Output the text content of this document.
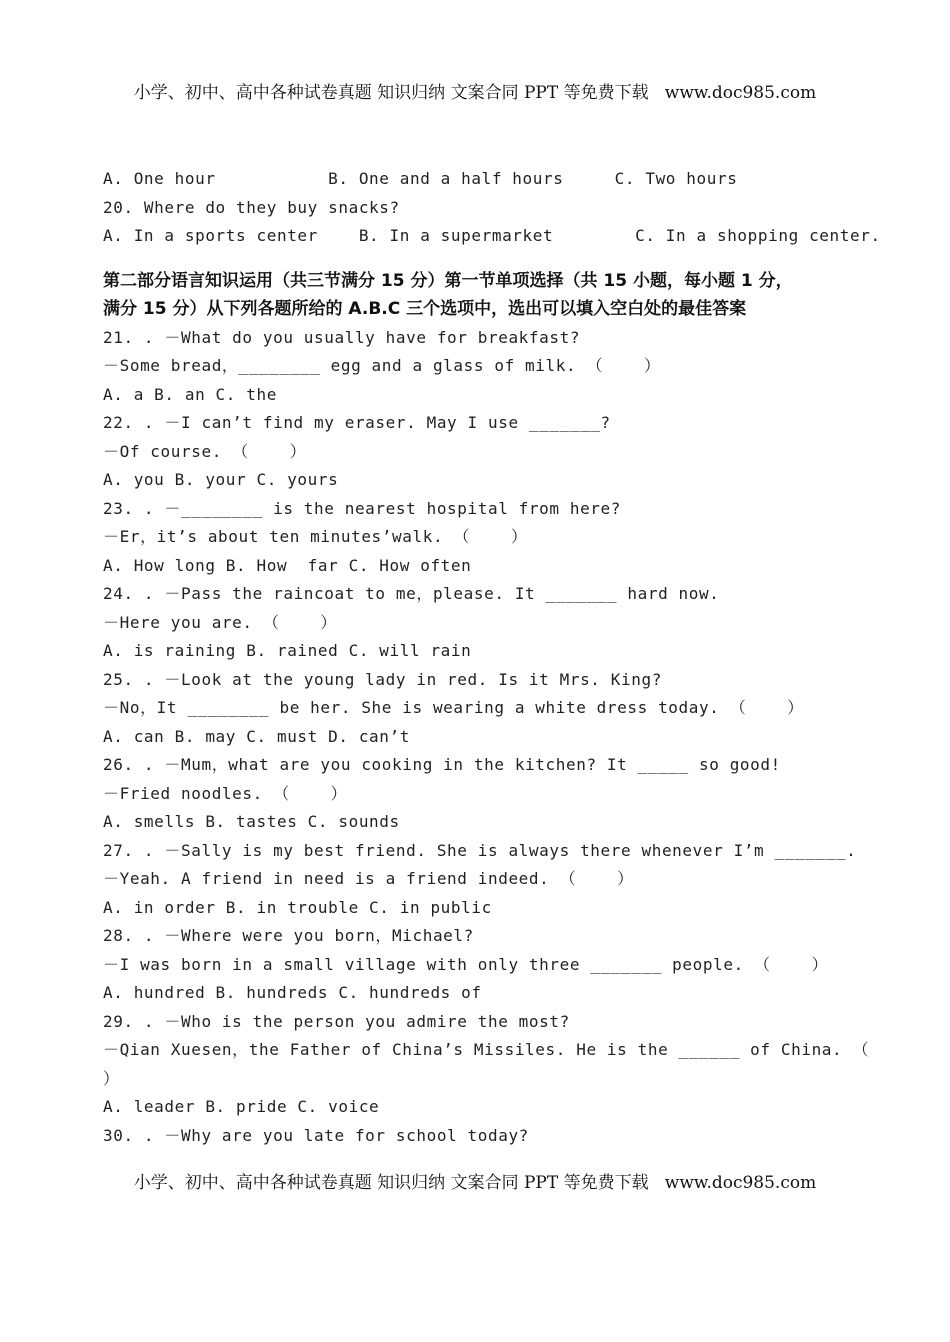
小学、初中、高中各种试卷真题 知识归纳 文案合同 PPT 等免费下载   www.doc985.com
A. One hour           B. One and a half hours     C. Two hours
20. Where do they buy snacks?
A. In a sports center    B. In a supermarket        C. In a shopping center.
第二部分语言知识运用（共三节满分 15 分）第一节单项选择（共 15 小题，每小题 1 分，
满分 15 分）从下列各题所给的 A.B.C 三个选项中，选出可以填入空白处的最佳答案
21. . －What do you usually have for breakfast?
－Some bread，________ egg and a glass of milk. （    ）
A. a B. an C. the
22. . －I can’t find my eraser. May I use _______?
－Of course. （    ）
A. you B. your C. yours
23. . －________ is the nearest hospital from here?
－Er，it’s about ten minutes’walk. （    ）
A. How long B. How  far C. How often
24. . －Pass the raincoat to me，please. It _______ hard now.
－Here you are. （    ）
A. is raining B. rained C. will rain
25. . －Look at the young lady in red. Is it Mrs. King?
－No，It ________ be her. She is wearing a white dress today. （    ）
A. can B. may C. must D. can’t
26. . －Mum，what are you cooking in the kitchen? It _____ so good!
－Fried noodles. （    ）
A. smells B. tastes C. sounds
27. . －Sally is my best friend. She is always there whenever I’m _______.
－Yeah. A friend in need is a friend indeed. （    ）
A. in order B. in trouble C. in public
28. . －Where were you born，Michael?
－I was born in a small village with only three _______ people. （    ）
A. hundred B. hundreds C. hundreds of
29. . －Who is the person you admire the most?
－Qian Xuesen，the Father of China’s Missiles. He is the ______ of China. （
）
A. leader B. pride C. voice
30. . －Why are you late for school today?
小学、初中、高中各种试卷真题 知识归纳 文案合同 PPT 等免费下载   www.doc985.com
